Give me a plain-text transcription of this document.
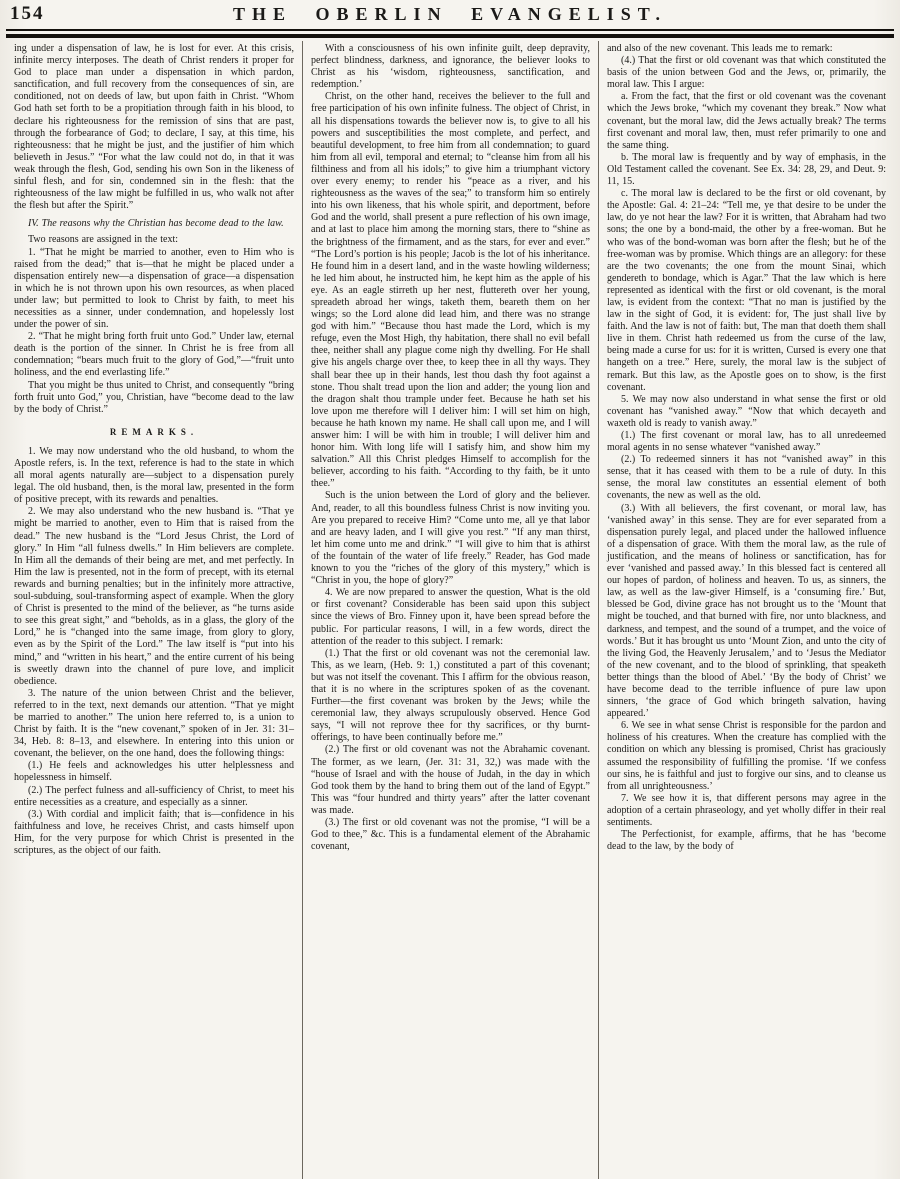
154	THE OBERLIN EVANGELIST.

ing under a dispensation of law, he is lost for ever. At this crisis, infinite mercy interposes. The death of Christ renders it proper for God to place man under a dispensation in which pardon, sanctification, and full recovery from the consequences of sin, are conditioned, not on deeds of law, but upon faith in Christ. “Whom God hath set forth to be a propitiation through faith in his blood, to declare his righteousness for the remission of sins that are past, through the forbearance of God; to declare, I say, at this time, his righteousness: that he might be just, and the justifier of him which believeth in Jesus.” “For what the law could not do, in that it was weak through the flesh, God, sending his own Son in the likeness of sinful flesh, and for sin, condemned sin in the flesh: that the righteousness of the law might be fulfilled in us, who walk not after the flesh but after the Spirit.”

IV. The reasons why the Christian has become dead to the law.

Two reasons are assigned in the text:

1. “That he might be married to another, even to Him who is raised from the dead;” that is—that he might be placed under a dispensation entirely new—a dispensation of grace—a dispensation in which he is not thrown upon his own resources, as when placed under law; but permitted to look to Christ by faith, to meet his necessities as a sinner, under condemnation, and hopelessly lost under the power of sin.

2. “That he might bring forth fruit unto God.” Under law, eternal death is the portion of the sinner. In Christ he is free from all condemnation; “bears much fruit to the glory of God,”—“fruit unto holiness, and the end everlasting life.”

That you might be thus united to Christ, and consequently “bring forth fruit unto God,” you, Christian, have “become dead to the law by the body of Christ.”

REMARKS.

1. We may now understand who the old husband, to whom the Apostle refers, is. In the text, reference is had to the state in which all moral agents naturally are—subject to a dispensation purely legal. The old husband, then, is the moral law, presented in the form of positive precept, with its rewards and penalties.

2. We may also understand who the new husband is. “That ye might be married to another, even to Him that is raised from the dead.” The new husband is the “Lord Jesus Christ, the Lord of glory.” In Him “all fulness dwells.” In Him believers are complete. In Him all the demands of their being are met, and met perfectly. In Him the law is presented, not in the form of precept, with its eternal rewards and burning penalties; but in the infinitely more attractive, soul-subduing, soul-transforming aspect of example. When the glory of Christ is presented to the mind of the believer, as “he turns aside to see this great sight,” and “beholds, as in a glass, the glory of the Lord,” he is “changed into the same image, from glory to glory, even as by the Spirit of the Lord.” The law itself is “put into his mind,” and “written in his heart,” and the entire current of his being is sweetly drawn into the channel of pure love, and implicit obedience.

3. The nature of the union between Christ and the believer, referred to in the text, next demands our attention. “That ye might be married to another.” The union here referred to, is a union to Christ by faith. It is the “new covenant,” spoken of in Jer. 31: 31–34, Heb. 8: 8–13, and elsewhere. In entering into this union or covenant, the believer, on the one hand, does the following things:

(1.) He feels and acknowledges his utter helplessness and hopelessness in himself.

(2.) The perfect fulness and all-sufficiency of Christ, to meet his entire necessities as a creature, and especially as a sinner.

(3.) With cordial and implicit faith; that is—confidence in his faithfulness and love, he receives Christ, and casts himself upon Him, for the very purpose for which Christ is presented in the scriptures, as the object of our faith.

With a consciousness of his own infinite guilt, deep depravity, perfect blindness, darkness, and ignorance, the believer looks to Christ as his ‘wisdom, righteousness, sanctification, and redemption.’

Christ, on the other hand, receives the believer to the full and free participation of his own infinite fulness. The object of Christ, in all his dispensations towards the believer now is, to give to all his powers and susceptibilities the most complete, and perfect, and beautiful development, to free him from all condemnation; to guard him from all evil, temporal and eternal; to “cleanse him from all his filthiness and from all his idols;” to give him a triumphant victory over every enemy; to render his “peace as a river, and his righteousness as the waves of the sea;” to transform him so entirely into his own likeness, that his whole spirit, and deportment, before God and the world, shall present a pure reflection of his own image, and at last to place him among the morning stars, there to “shine as the brightness of the firmament, and as the stars, for ever and ever.” “The Lord’s portion is his people; Jacob is the lot of his inheritance. He found him in a desert land, and in the waste howling wilderness; he led him about, he instructed him, he kept him as the apple of his eye. As an eagle stirreth up her nest, fluttereth over her young, spreadeth abroad her wings, taketh them, beareth them on her wings; so the Lord alone did lead him, and there was no strange god with him.” “Because thou hast made the Lord, which is my refuge, even the Most High, thy habitation, there shall no evil befall thee, neither shall any plague come nigh thy dwelling. For He shall give his angels charge over thee, to keep thee in all thy ways. They shall bear thee up in their hands, lest thou dash thy foot against a stone. Thou shalt tread upon the lion and adder; the young lion and the dragon shalt thou trample under feet. Because he hath set his love upon me therefore will I deliver him: I will set him on high, because he hath known my name. He shall call upon me, and I will answer him: I will be with him in trouble; I will deliver him and honor him. With long life will I satisfy him, and show him my salvation.” All this Christ pledges Himself to accomplish for the believer, according to his faith. “According to thy faith, be it unto thee.”

Such is the union between the Lord of glory and the believer. And, reader, to all this boundless fulness Christ is now inviting you. Are you prepared to receive Him? “Come unto me, all ye that labor and are heavy laden, and I will give you rest.” “If any man thirst, let him come unto me and drink.” “I will give to him that is athirst of the fountain of the water of life freely.” Reader, has God made known to you the “riches of the glory of this mystery,” which is “Christ in you, the hope of glory?”

4. We are now prepared to answer the question, What is the old or first covenant? Considerable has been said upon this subject since the views of Bro. Finney upon it, have been spread before the public. For particular reasons, I will, in a few words, direct the attention of the reader to this subject. I remark:

(1.) That the first or old covenant was not the ceremonial law. This, as we learn, (Heb. 9: 1,) constituted a part of this covenant; but was not itself the covenant. This I affirm for the obvious reason, that it is no where in the scriptures spoken of as the covenant. Further—the first covenant was broken by the Jews; while the ceremonial law, they always scrupulously observed. Hence God says, “I will not reprove thee for thy sacrifices, or thy burnt-offerings, to have been continually before me.”

(2.) The first or old covenant was not the Abrahamic covenant. The former, as we learn, (Jer. 31: 31, 32,) was made with the “house of Israel and with the house of Judah, in the day in which God took them by the hand to bring them out of the land of Egypt.” This was “four hundred and thirty years” after the latter covenant was made.

(3.) The first or old covenant was not the promise, “I will be a God to thee,” &c. This is a fundamental element of the Abrahamic covenant,

and also of the new covenant. This leads me to remark:

(4.) That the first or old covenant was that which constituted the basis of the union between God and the Jews, or, primarily, the moral law. This I argue:

a. From the fact, that the first or old covenant was the covenant which the Jews broke, “which my covenant they break.” Now what covenant, but the moral law, did the Jews actually break? The terms first covenant and moral law, then, must refer primarily to one and the same thing.

b. The moral law is frequently and by way of emphasis, in the Old Testament called the covenant. See Ex. 34: 28, 29, and Deut. 9: 11, 15.

c. The moral law is declared to be the first or old covenant, by the Apostle: Gal. 4: 21–24: “Tell me, ye that desire to be under the law, do ye not hear the law? For it is written, that Abraham had two sons; the one by a bond-maid, the other by a free-woman. But he who was of the bond-woman was born after the flesh; but he of the free-woman was by promise. Which things are an allegory: for these are the two covenants; the one from the mount Sinai, which gendereth to bondage, which is Agar.” That the law which is here represented as identical with the first or old covenant, is the moral law, is evident from the context: “That no man is justified by the law in the sight of God, it is evident: for, The just shall live by faith. And the law is not of faith: but, The man that doeth them shall live in them. Christ hath redeemed us from the curse of the law, being made a curse for us: for it is written, Cursed is every one that hangeth on a tree.” Here, surely, the moral law is the subject of remark. But this law, as the Apostle goes on to show, is the first covenant.

5. We may now also understand in what sense the first or old covenant has “vanished away.” “Now that which decayeth and waxeth old is ready to vanish away.”

(1.) The first covenant or moral law, has to all unredeemed moral agents in no sense whatever “vanished away.”

(2.) To redeemed sinners it has not “vanished away” in this sense, that it has ceased with them to be a rule of duty. In this sense, the moral law constitutes an essential element of both covenants, the new as well as the old.

(3.) With all believers, the first covenant, or moral law, has ‘vanished away’ in this sense. They are for ever separated from a dispensation purely legal, and placed under the hallowed influence of a dispensation of grace. With them the moral law, as the rule of justification, and the means of holiness or sanctification, has for ever ‘vanished and passed away.’ In this blessed fact is centered all our hopes of pardon, of holiness and heaven. To us, as sinners, the law, as well as the law-giver Himself, is a ‘consuming fire.’ But, blessed be God, divine grace has not brought us to the ‘Mount that might be touched, and that burned with fire, nor unto blackness, and darkness, and tempest, and the sound of a trumpet, and the voice of words.’ But it has brought us unto ‘Mount Zion, and unto the city of the living God, the Heavenly Jerusalem,’ and to ‘Jesus the Mediator of the new covenant, and to the blood of sprinkling, that speaketh better things than the blood of Abel.’ ‘By the body of Christ’ we have become dead to the terrible influence of pure law upon sinners, ‘the grace of God which bringeth salvation, having appeared.’

6. We see in what sense Christ is responsible for the pardon and holiness of his creatures. When the creature has complied with the condition on which any blessing is promised, Christ has graciously assumed the responsibility of fulfilling the promise. ‘If we confess our sins, he is faithful and just to forgive our sins, and to cleanse us from all unrighteousness.’

7. We see how it is, that different persons may agree in the adoption of a certain phraseology, and yet wholly differ in their real sentiments.

The Perfectionist, for example, affirms, that he has ‘become dead to the law, by the body of
